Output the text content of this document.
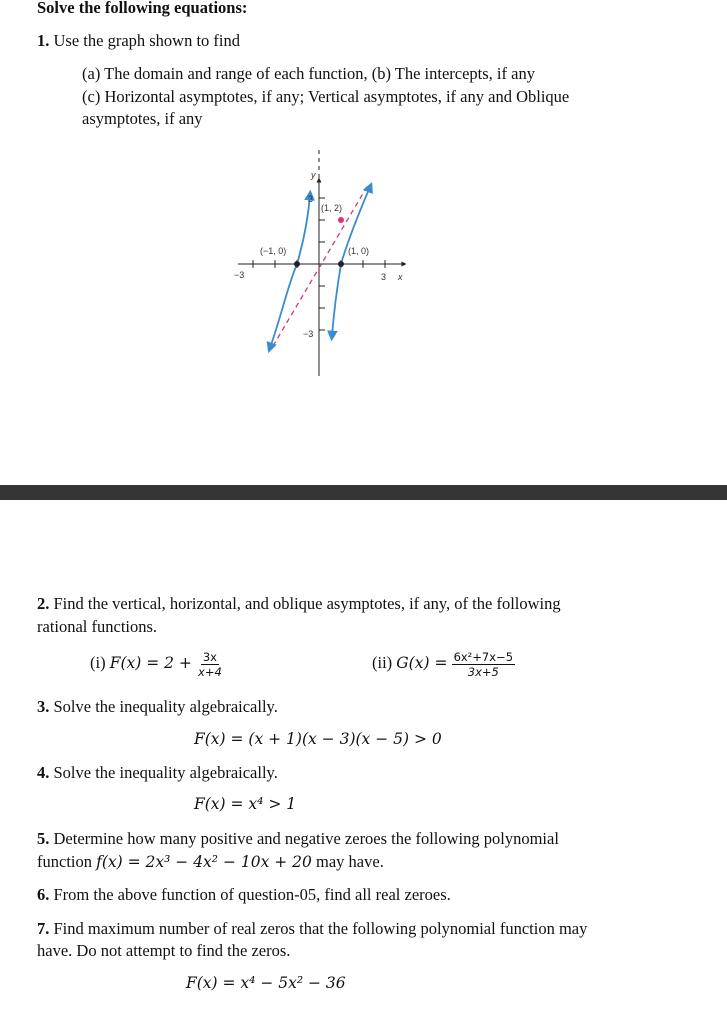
Solve the following equations:
1. Use the graph shown to find
(a) The domain and range of each function, (b) The intercepts, if any
(c) Horizontal asymptotes, if any; Vertical asymptotes, if any and Oblique
asymptotes, if any
y
x
−3	3
3
−3
(−1, 0)	(1, 0)
(1, 2)
2. Find the vertical, horizontal, and oblique asymptotes, if any, of the following
rational functions.
(i) $F(x) = 2 + \frac{3x}{x+4}$	(ii) $G(x) = \frac{\text{6x²+7x−5}}{3x+5}$
3. Solve the inequality algebraically.
F(x) = (x + 1)(x − 3)(x − 5) > 0
4. Solve the inequality algebraically.
F(x) = x⁴ > 1
5. Determine how many positive and negative zeroes the following polynomial
function f(x) = 2x³ − 4x² − 10x + 20 may have.
6. From the above function of question-05, find all real zeroes.
7. Find maximum number of real zeros that the following polynomial function may
have. Do not attempt to find the zeros.
F(x) = x⁴ − 5x² − 36
